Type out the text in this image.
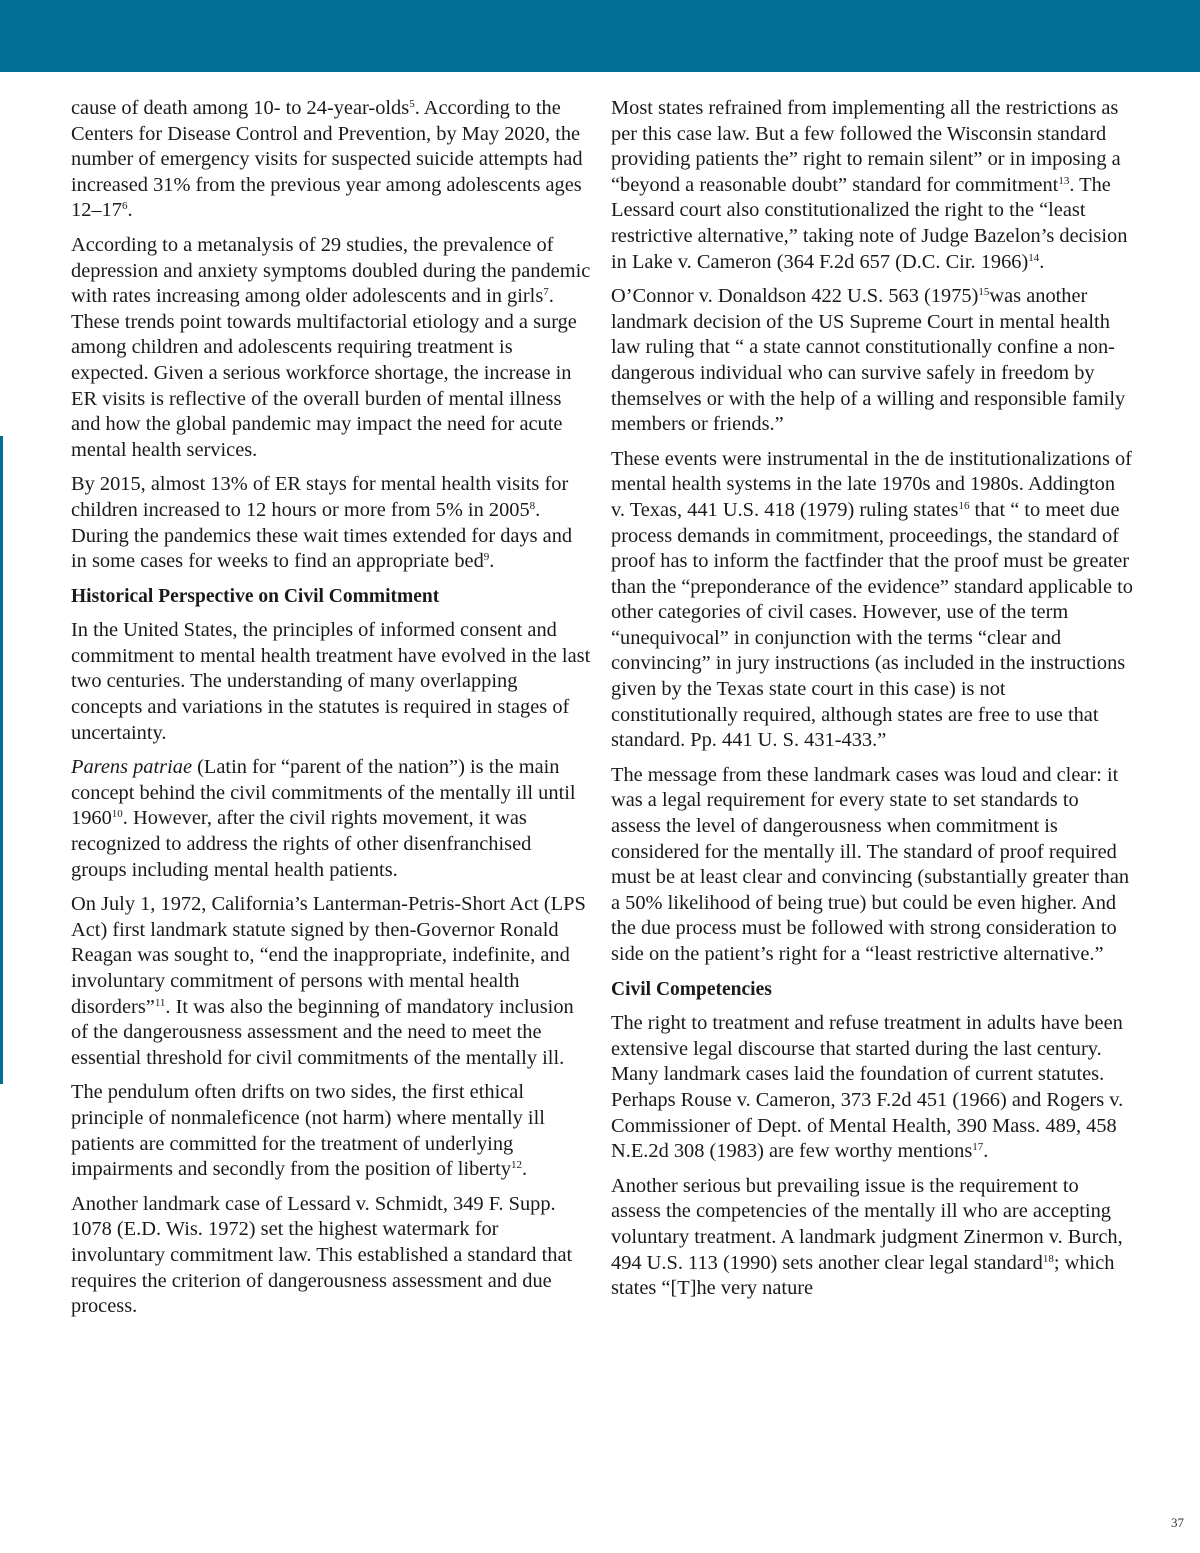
cause of death among 10- to 24-year-olds$^5$. According to the Centers for Disease Control and Prevention, by May 2020, the number of emergency visits for suspected suicide attempts had increased 31% from the previous year among adolescents ages $12-17^6$.

According to a metanalysis of 29 studies, the prevalence of depression and anxiety symptoms doubled during the pandemic with rates increasing among older adolescents and in girls$^7$. These trends point towards multifactorial etiology and a surge among children and adolescents requiring treatment is expected. Given a serious workforce shortage, the increase in ER visits is reflective of the overall burden of mental illness and how the global pandemic may impact the need for acute mental health services.

By 2015, almost 13% of ER stays for mental health visits for children increased to 12 hours or more from 5% in 2005$^8$. During the pandemics these wait times extended for days and in some cases for weeks to find an appropriate bed$^9$.

Historical Perspective on Civil Commitment

In the United States, the principles of informed consent and commitment to mental health treatment have evolved in the last two centuries. The understanding of many overlapping concepts and variations in the statutes is required in stages of uncertainty.

Parens patriae (Latin for “parent of the nation”) is the main concept behind the civil commitments of the mentally ill until 1960$^{10}$. However, after the civil rights movement, it was recognized to address the rights of other disenfranchised groups including mental health patients.

On July 1, 1972, California’s Lanterman-Petris-Short Act (LPS Act) first landmark statute signed by then-Governor Ronald Reagan was sought to, “end the inappropriate, indefinite, and involuntary commitment of persons with mental health disorders”$^{11}$. It was also the beginning of mandatory inclusion of the dangerousness assessment and the need to meet the essential threshold for civil commitments of the mentally ill.

The pendulum often drifts on two sides, the first ethical principle of nonmaleficence (not harm) where mentally ill patients are committed for the treatment of underlying impairments and secondly from the position of liberty$^{12}$.

Another landmark case of Lessard v. Schmidt, 349 F. Supp. 1078 (E.D. Wis. 1972) set the highest watermark for involuntary commitment law. This established a standard that requires the criterion of dangerousness assessment and due process.

Most states refrained from implementing all the restrictions as per this case law. But a few followed the Wisconsin standard providing patients the” right to remain silent” or in imposing a “beyond a reasonable doubt” standard for commitment$^{13}$. The Lessard court also constitutionalized the right to the “least restrictive alternative,” taking note of Judge Bazelon’s decision in Lake v. Cameron (364 F.2d 657 (D.C. Cir. 1966)$^{14}$.

O’Connor v. Donaldson 422 U.S. 563 $(1975)^{15}was$ another landmark decision of the US Supreme Court in mental health law ruling that “ a state cannot constitutionally confine a non-dangerous individual who can survive safely in freedom by themselves or with the help of a willing and responsible family members or friends.”

These events were instrumental in the de institutionalizations of mental health systems in the late 1970s and 1980s. Addington v. Texas, 441 U.S. 418 (1979) ruling states$^{16}$ that “ to meet due process demands in commitment, proceedings, the standard of proof has to inform the factfinder that the proof must be greater than the “preponderance of the evidence” standard applicable to other categories of civil cases. However, use of the term “unequivocal” in conjunction with the terms “clear and convincing” in jury instructions (as included in the instructions given by the Texas state court in this case) is not constitutionally required, although states are free to use that standard. Pp. 441 U. S. 431-433.”

The message from these landmark cases was loud and clear: it was a legal requirement for every state to set standards to assess the level of dangerousness when commitment is considered for the mentally ill. The standard of proof required must be at least clear and convincing (substantially greater than a 50% likelihood of being true) but could be even higher. And the due process must be followed with strong consideration to side on the patient’s right for a “least restrictive alternative.”

Civil Competencies

The right to treatment and refuse treatment in adults have been extensive legal discourse that started during the last century. Many landmark cases laid the foundation of current statutes. Perhaps Rouse v. Cameron, 373 F.2d 451 (1966) and Rogers v. Commissioner of Dept. of Mental Health, 390 Mass. 489, 458 N.E.2d 308 (1983) are few worthy mentions$^{17}$.

Another serious but prevailing issue is the requirement to assess the competencies of the mentally ill who are accepting voluntary treatment. A landmark judgment Zinermon v. Burch, 494 U.S. 113 (1990) sets another clear legal standard$^{18}$; which states “[T]he very nature

37
